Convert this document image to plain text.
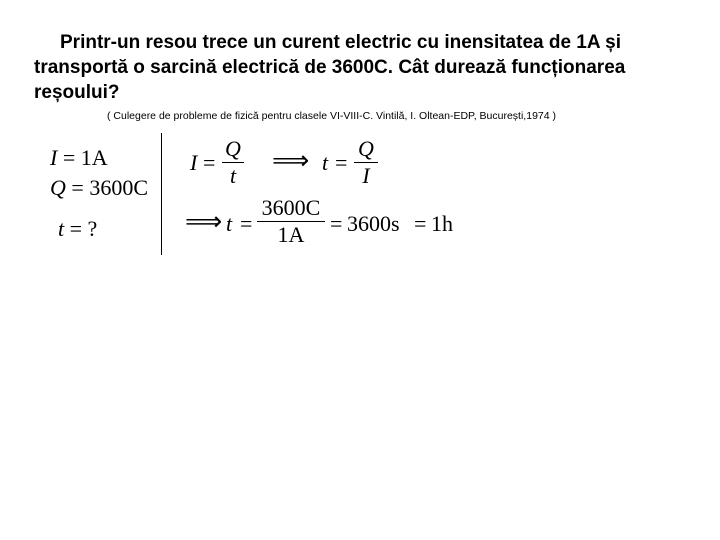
Printr-un resou trece un curent electric cu inensitatea de 1A și
transportă o sarcină electrică de 3600C. Cât durează funcționarea
reșoului?

( Culegere de probleme de fizică pentru clasele VI-VIII-C. Vintilă, I. Oltean-EDP, București,1974 )
I = 1A
Q = 3600C
t = ?
I =
Q
t	⟹ t =
Q
I
⟹ t =
3600C
1A	= 3600s = 1h
